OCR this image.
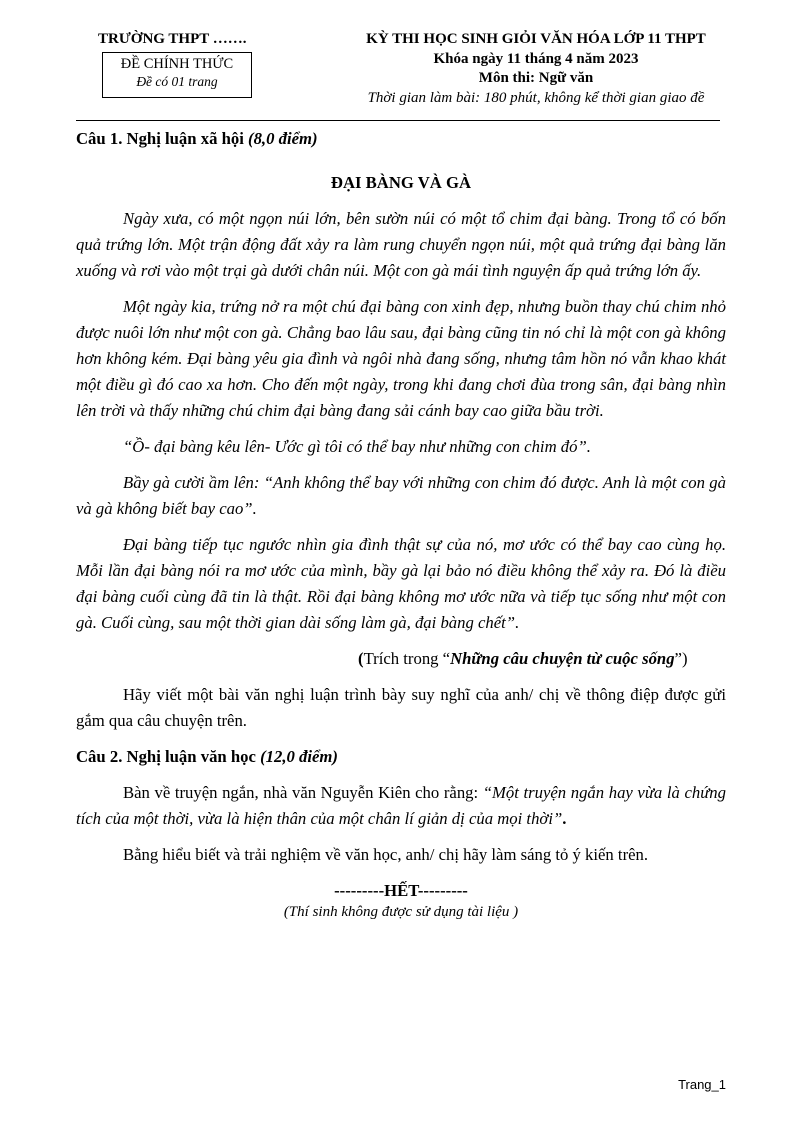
TRƯỜNG THPT …….
ĐỀ CHÍNH THỨC
Đề có 01 trang
KỲ THI HỌC SINH GIỎI VĂN HÓA LỚP 11 THPT
Khóa ngày 11 tháng 4 năm 2023
Môn thi: Ngữ văn
Thời gian làm bài: 180 phút, không kể thời gian giao đề

Câu 1. Nghị luận xã hội (8,0 điểm)

ĐẠI BÀNG VÀ GÀ

Ngày xưa, có một ngọn núi lớn, bên sườn núi có một tổ chim đại bàng. Trong tổ có bốn quả trứng lớn. Một trận động đất xảy ra làm rung chuyển ngọn núi, một quả trứng đại bàng lăn xuống và rơi vào một trại gà dưới chân núi. Một con gà mái tình nguyện ấp quả trứng lớn ấy.

Một ngày kia, trứng nở ra một chú đại bàng con xinh đẹp, nhưng buồn thay chú chim nhỏ được nuôi lớn như một con gà. Chẳng bao lâu sau, đại bàng cũng tin nó chỉ là một con gà không hơn không kém. Đại bàng yêu gia đình và ngôi nhà đang sống, nhưng tâm hồn nó vẫn khao khát một điều gì đó cao xa hơn. Cho đến một ngày, trong khi đang chơi đùa trong sân, đại bàng nhìn lên trời và thấy những chú chim đại bàng đang sải cánh bay cao giữa bầu trời.

“Ồ- đại bàng kêu lên- Ước gì tôi có thể bay như những con chim đó”.

Bầy gà cười ầm lên: “Anh không thể bay với những con chim đó được. Anh là một con gà và gà không biết bay cao”.

Đại bàng tiếp tục ngước nhìn gia đình thật sự của nó, mơ ước có thể bay cao cùng họ. Mỗi lần đại bàng nói ra mơ ước của mình, bầy gà lại bảo nó điều không thể xảy ra. Đó là điều đại bàng cuối cùng đã tin là thật. Rồi đại bàng không mơ ước nữa và tiếp tục sống như một con gà. Cuối cùng, sau một thời gian dài sống làm gà, đại bàng chết”.

(Trích trong “Những câu chuyện từ cuộc sống”)

Hãy viết một bài văn nghị luận trình bày suy nghĩ của anh/ chị về thông điệp được gửi gắm qua câu chuyện trên.

Câu 2. Nghị luận văn học (12,0 điểm)

Bàn về truyện ngắn, nhà văn Nguyễn Kiên cho rằng: “Một truyện ngắn hay vừa là chứng tích của một thời, vừa là hiện thân của một chân lí giản dị của mọi thời”.

Bằng hiểu biết và trải nghiệm về văn học, anh/ chị hãy làm sáng tỏ ý kiến trên.

---------HẾT---------

(Thí sinh không được sử dụng tài liệu )

Trang_1
